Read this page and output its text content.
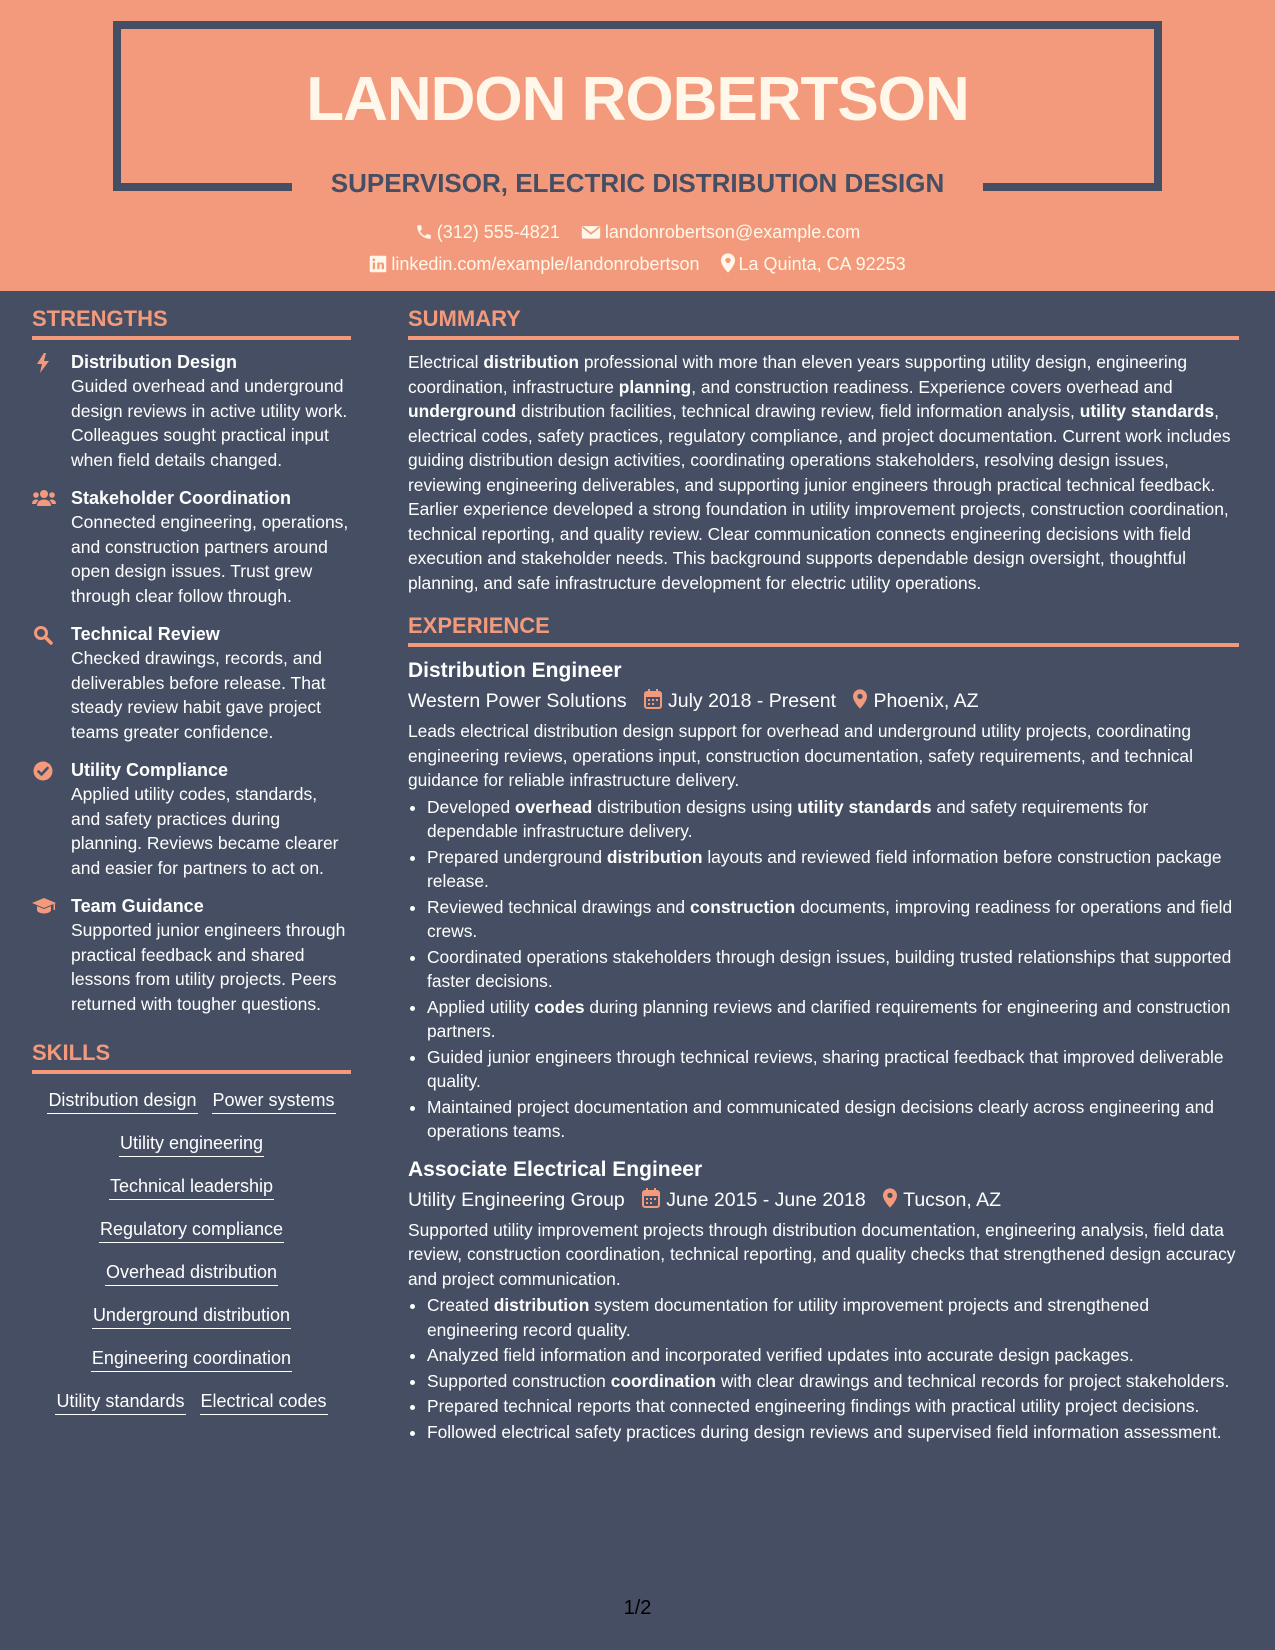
LANDON ROBERTSON
SUPERVISOR, ELECTRIC DISTRIBUTION DESIGN
(312) 555-4821	landonrobertson@example.com
linkedin.com/example/landonrobertson La Quinta, CA 92253
STRENGTHS
Distribution Design
Guided overhead and underground design reviews in active utility work. Colleagues sought practical input when field details changed.
Stakeholder Coordination
Connected engineering, operations, and construction partners around open design issues. Trust grew through clear follow through.
Technical Review
Checked drawings, records, and deliverables before release. That steady review habit gave project teams greater confidence.
Utility Compliance
Applied utility codes, standards, and safety practices during planning. Reviews became clearer and easier for partners to act on.
Team Guidance
Supported junior engineers through practical feedback and shared lessons from utility projects. Peers returned with tougher questions.
SKILLS
Distribution design Power systems
Utility engineering
Technical leadership
Regulatory compliance
Overhead distribution
Underground distribution
Engineering coordination
Utility standards Electrical codes
SUMMARY

Electrical distribution professional with more than eleven years supporting utility design, engineering coordination, infrastructure planning, and construction readiness. Experience covers overhead and underground distribution facilities, technical drawing review, field information analysis, utility standards, electrical codes, safety practices, regulatory compliance, and project documentation. Current work includes guiding distribution design activities, coordinating operations stakeholders, resolving design issues, reviewing engineering deliverables, and supporting junior engineers through practical technical feedback. Earlier experience developed a strong foundation in utility improvement projects, construction coordination, technical reporting, and quality review. Clear communication connects engineering decisions with field execution and stakeholder needs. This background supports dependable design oversight, thoughtful planning, and safe infrastructure development for electric utility operations.

EXPERIENCE
Distribution Engineer
Western Power Solutions July 2018 - Present Phoenix, AZ

Leads electrical distribution design support for overhead and underground utility projects, coordinating engineering reviews, operations input, construction documentation, safety requirements, and technical guidance for reliable infrastructure delivery.

• Developed overhead distribution designs using utility standards and safety requirements for dependable infrastructure delivery.
• Prepared underground distribution layouts and reviewed field information before construction package release.
• Reviewed technical drawings and construction documents, improving readiness for operations and field crews.
• Coordinated operations stakeholders through design issues, building trusted relationships that supported faster decisions.
• Applied utility codes during planning reviews and clarified requirements for engineering and construction partners.
• Guided junior engineers through technical reviews, sharing practical feedback that improved deliverable quality.
• Maintained project documentation and communicated design decisions clearly across engineering and operations teams.
Associate Electrical Engineer
Utility Engineering Group June 2015 - June 2018 Tucson, AZ

Supported utility improvement projects through distribution documentation, engineering analysis, field data review, construction coordination, technical reporting, and quality checks that strengthened design accuracy and project communication.

• Created distribution system documentation for utility improvement projects and strengthened engineering record quality.
• Analyzed field information and incorporated verified updates into accurate design packages.
• Supported construction coordination with clear drawings and technical records for project stakeholders.
• Prepared technical reports that connected engineering findings with practical utility project decisions.
• Followed electrical safety practices during design reviews and supervised field information assessment.
1/2
